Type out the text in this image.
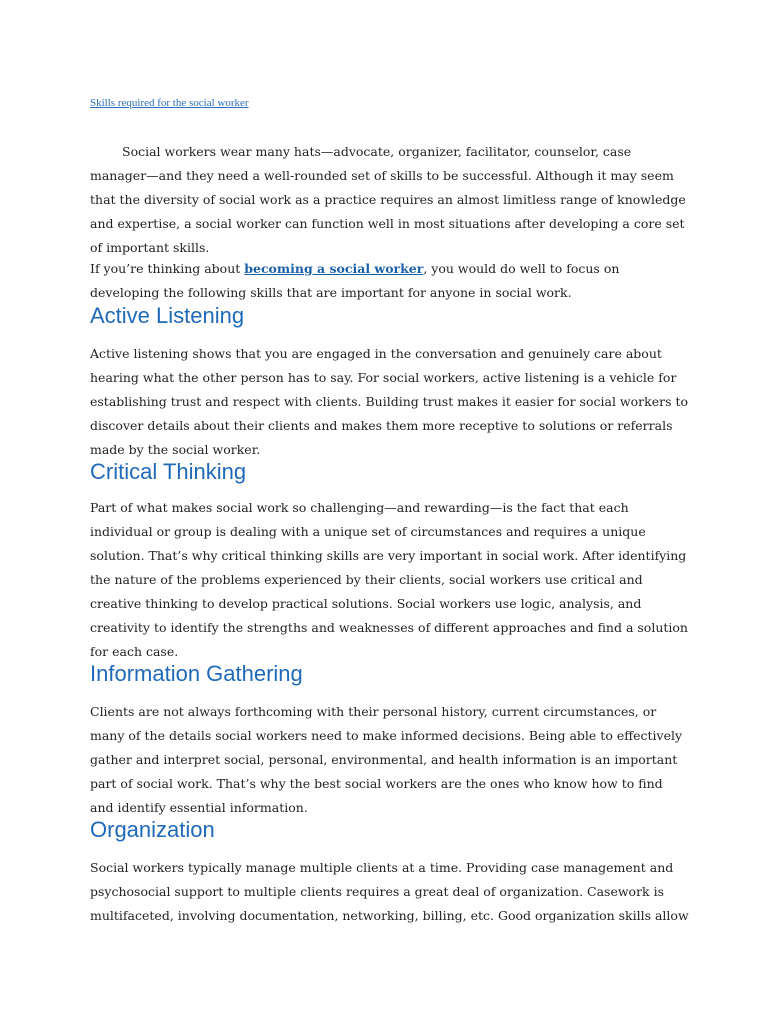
Skills required for the social worker
Social workers wear many hats—advocate, organizer, facilitator, counselor, case manager—and they need a well-rounded set of skills to be successful. Although it may seem that the diversity of social work as a practice requires an almost limitless range of knowledge and expertise, a social worker can function well in most situations after developing a core set of important skills.
If you’re thinking about becoming a social worker, you would do well to focus on developing the following skills that are important for anyone in social work.
Active Listening
Active listening shows that you are engaged in the conversation and genuinely care about hearing what the other person has to say. For social workers, active listening is a vehicle for establishing trust and respect with clients. Building trust makes it easier for social workers to discover details about their clients and makes them more receptive to solutions or referrals made by the social worker.
Critical Thinking
Part of what makes social work so challenging—and rewarding—is the fact that each individual or group is dealing with a unique set of circumstances and requires a unique solution. That’s why critical thinking skills are very important in social work. After identifying the nature of the problems experienced by their clients, social workers use critical and creative thinking to develop practical solutions. Social workers use logic, analysis, and creativity to identify the strengths and weaknesses of different approaches and find a solution for each case.
Information Gathering
Clients are not always forthcoming with their personal history, current circumstances, or many of the details social workers need to make informed decisions. Being able to effectively gather and interpret social, personal, environmental, and health information is an important part of social work. That’s why the best social workers are the ones who know how to find and identify essential information.
Organization
Social workers typically manage multiple clients at a time. Providing case management and psychosocial support to multiple clients requires a great deal of organization. Casework is multifaceted, involving documentation, networking, billing, etc. Good organization skills allow
